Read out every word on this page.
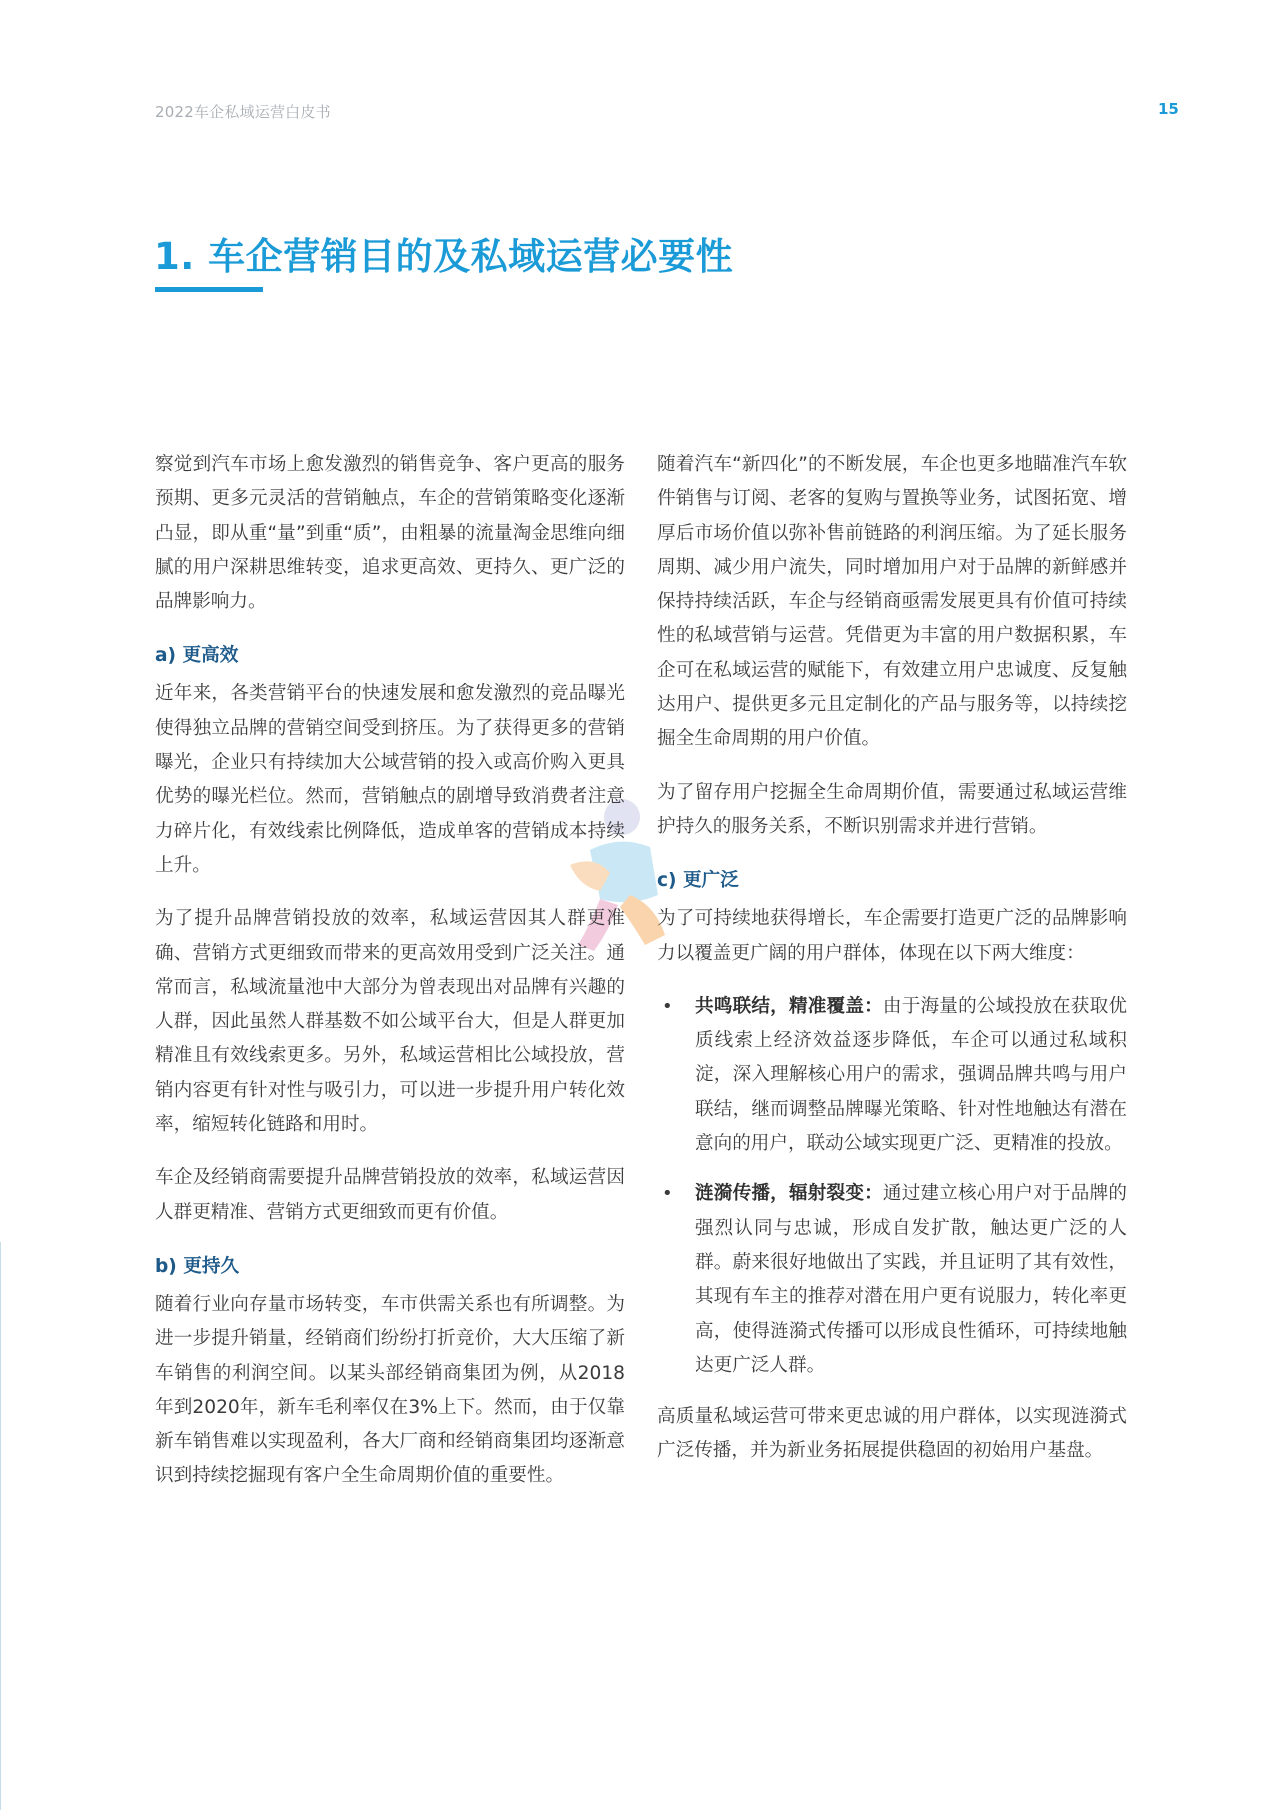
2022车企私域运营白皮书	15
1. 车企营销目的及私域运营必要性

察觉到汽车市场上愈发激烈的销售竞争、客户更高的服务预期、更多元灵活的营销触点，车企的营销策略变化逐渐凸显，即从重“量”到重“质”，由粗暴的流量淘金思维向细腻的用户深耕思维转变，追求更高效、更持久、更广泛的品牌影响力。

a) 更高效

近年来，各类营销平台的快速发展和愈发激烈的竞品曝光使得独立品牌的营销空间受到挤压。为了获得更多的营销曝光，企业只有持续加大公域营销的投入或高价购入更具优势的曝光栏位。然而，营销触点的剧增导致消费者注意力碎片化，有效线索比例降低，造成单客的营销成本持续上升。

为了提升品牌营销投放的效率，私域运营因其人群更准确、营销方式更细致而带来的更高效用受到广泛关注。通常而言，私域流量池中大部分为曾表现出对品牌有兴趣的人群，因此虽然人群基数不如公域平台大，但是人群更加精准且有效线索更多。另外，私域运营相比公域投放，营销内容更有针对性与吸引力，可以进一步提升用户转化效率，缩短转化链路和用时。

车企及经销商需要提升品牌营销投放的效率，私域运营因人群更精准、营销方式更细致而更有价值。

b) 更持久

随着行业向存量市场转变，车市供需关系也有所调整。为进一步提升销量，经销商们纷纷打折竞价，大大压缩了新车销售的利润空间。以某头部经销商集团为例，从2018年到2020年，新车毛利率仅在3%上下。然而，由于仅靠新车销售难以实现盈利，各大厂商和经销商集团均逐渐意识到持续挖掘现有客户全生命周期价值的重要性。

随着汽车“新四化”的不断发展，车企也更多地瞄准汽车软件销售与订阅、老客的复购与置换等业务，试图拓宽、增厚后市场价值以弥补售前链路的利润压缩。为了延长服务周期、减少用户流失，同时增加用户对于品牌的新鲜感并保持持续活跃，车企与经销商亟需发展更具有价值可持续性的私域营销与运营。凭借更为丰富的用户数据积累，车企可在私域运营的赋能下，有效建立用户忠诚度、反复触达用户、提供更多元且定制化的产品与服务等，以持续挖掘全生命周期的用户价值。

为了留存用户挖掘全生命周期价值，需要通过私域运营维护持久的服务关系，不断识别需求并进行营销。

c) 更广泛

为了可持续地获得增长，车企需要打造更广泛的品牌影响力以覆盖更广阔的用户群体，体现在以下两大维度：

• 共鸣联结，精准覆盖：由于海量的公域投放在获取优质线索上经济效益逐步降低，车企可以通过私域积淀，深入理解核心用户的需求，强调品牌共鸣与用户联结，继而调整品牌曝光策略、针对性地触达有潜在意向的用户，联动公域实现更广泛、更精准的投放。
• 涟漪传播，辐射裂变：通过建立核心用户对于品牌的强烈认同与忠诚，形成自发扩散，触达更广泛的人群。蔚来很好地做出了实践，并且证明了其有效性，其现有车主的推荐对潜在用户更有说服力，转化率更高，使得涟漪式传播可以形成良性循环，可持续地触达更广泛人群。

高质量私域运营可带来更忠诚的用户群体，以实现涟漪式广泛传播，并为新业务拓展提供稳固的初始用户基盘。
